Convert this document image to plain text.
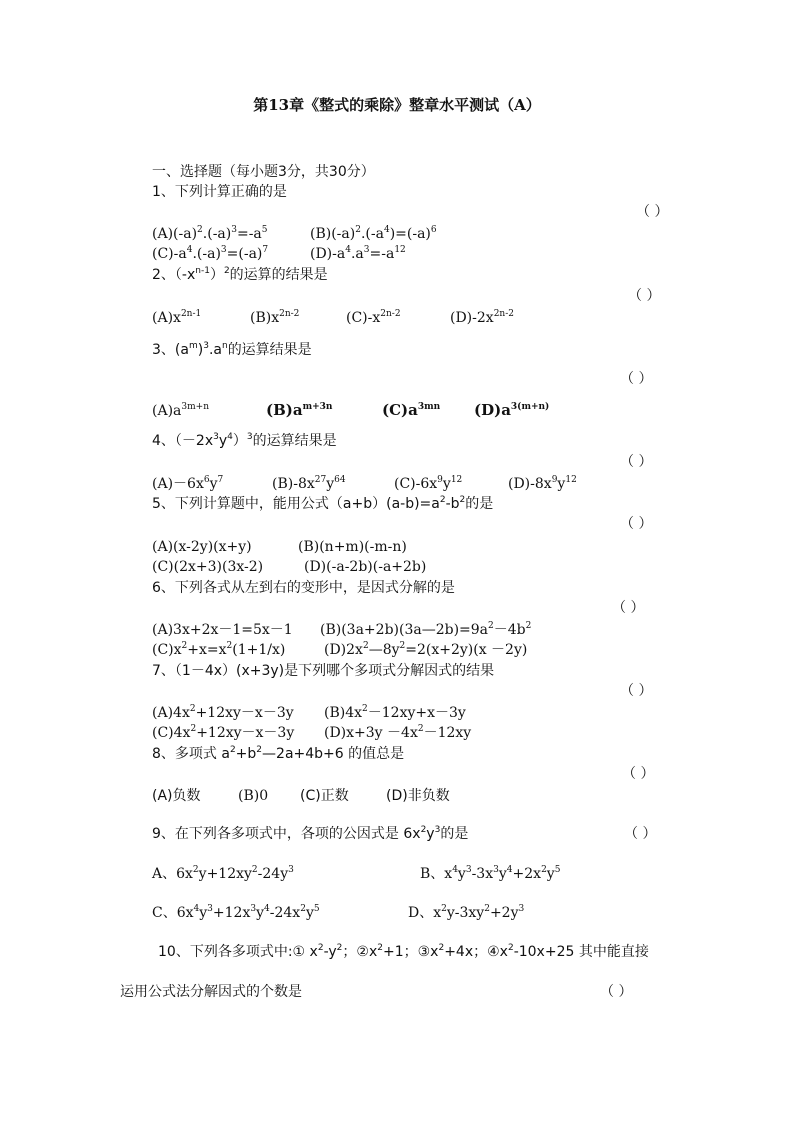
第13章《整式的乘除》整章水平测试（A）
一、选择题（每小题3分，共30分）
1、下列计算正确的是
（ ）
$(A)(-a)^2.(-a)^3=-a^5$	$(B)(-a)^2.(-a^4)=(-a)^6$
$(C)-a^4.(-a)^3=(-a)^7$	$(D)-a^4.a^3=-a^{12}$
2、$(-x^{n-1})^2$的运算的结果是
（ ）
$(A)x^{2n-1}$	$(B)x^{2n-2}$	$(C)-x^{2n-2}$	$(D)-2x^{2n-2}$
3、$(a^m)^3.a^n$的运算结果是
（ ）
$(A)a^{3m+n}$	$(B)a^{m+3n}$	$(C)a^{3mn}$ $(D)a^{3(m+n)}$
4、$(-2x^3y^4)^3$的运算结果是
（ ）
$(A)-6x^6y^7$	$(B)-8x^{27}y^{64}$	$(C)-6x^9y^{12}$	$(D)-8x^9y^{12}$
5、下列计算题中，能用公式$(a+b)(a-b)=a^2-b^2$的是
（ ）
(A)(x-2y)(x+y)	(B)(n+m)(-m-n)
(C)(2x+3)(3x-2)	(D)(-a-2b)(-a+2b)
6、下列各式从左到右的变形中，是因式分解的是
（ ）
(A)3x+2x－1=5x－1 $(B)(3a+2b)(3a—2b)=9a^2-4b^2$
$(C)x^2+x=x^2(1+1/x)$	$(D)2x^2—8y^2=2(x+2y)(x -2y)$
7、（1－4x）(x+3y)是下列哪个多项式分解因式的结果
（ ）
$(A)4x^2+12xy-x-3y$ $(B)4x^2-12xy+x-3y$
$(C)4x^2+12xy-x-3y$ $(D)x+3y -4x^2-12xy$
8、多项式 $a^2+b^2—2a+4b+6$ 的值总是
（ ）
(A)负数	(B)0 (C)正数	(D)非负数
9、在下列各多项式中，各项的公因式是 $6x^2y^3$的是	（ ）
A、$6x^2y+12xy^2-24y^3$	B、$x^4y^3-3x^3y^4+2x^2y^5$
C、$6x^4y^3+12x^3y^4-24x^2y^5$	D、$x^2y-3xy^2+2y^3$
10、下列各多项式中:① $x^2-y^2$；$②x^2+1$；$③x^2+4x$；$④x^2-10x+25$ 其中能直接
运用公式法分解因式的个数是	（ ）
